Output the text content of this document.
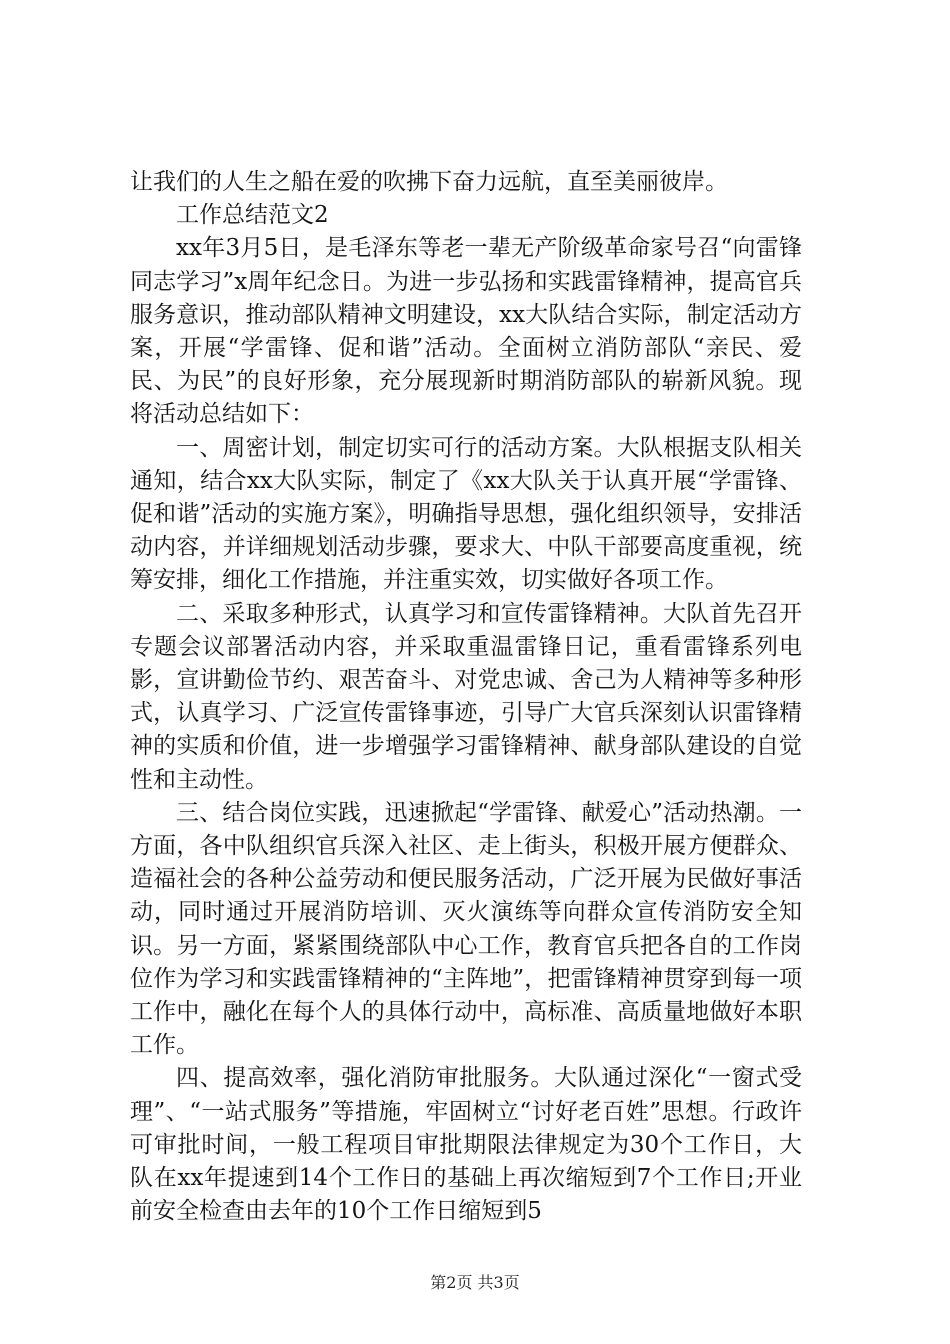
让我们的人生之船在爱的吹拂下奋力远航，直至美丽彼岸。

工作总结范文2

xx年3月5日，是毛泽东等老一辈无产阶级革命家号召“向雷锋同志学习”x周年纪念日。为进一步弘扬和实践雷锋精神，提高官兵服务意识，推动部队精神文明建设，xx大队结合实际，制定活动方案，开展“学雷锋、促和谐”活动。全面树立消防部队“亲民、爱民、为民”的良好形象，充分展现新时期消防部队的崭新风貌。现将活动总结如下：

一、周密计划，制定切实可行的活动方案。大队根据支队相关通知，结合xx大队实际，制定了《xx大队关于认真开展“学雷锋、促和谐”活动的实施方案》，明确指导思想，强化组织领导，安排活动内容，并详细规划活动步骤，要求大、中队干部要高度重视，统筹安排，细化工作措施，并注重实效，切实做好各项工作。

二、采取多种形式，认真学习和宣传雷锋精神。大队首先召开专题会议部署活动内容，并采取重温雷锋日记，重看雷锋系列电影，宣讲勤俭节约、艰苦奋斗、对党忠诚、舍己为人精神等多种形式，认真学习、广泛宣传雷锋事迹，引导广大官兵深刻认识雷锋精神的实质和价值，进一步增强学习雷锋精神、献身部队建设的自觉性和主动性。

三、结合岗位实践，迅速掀起“学雷锋、献爱心”活动热潮。一方面，各中队组织官兵深入社区、走上街头，积极开展方便群众、造福社会的各种公益劳动和便民服务活动，广泛开展为民做好事活动，同时通过开展消防培训、灭火演练等向群众宣传消防安全知识。另一方面，紧紧围绕部队中心工作，教育官兵把各自的工作岗位作为学习和实践雷锋精神的“主阵地”，把雷锋精神贯穿到每一项工作中，融化在每个人的具体行动中，高标准、高质量地做好本职工作。

四、提高效率，强化消防审批服务。大队通过深化“一窗式受理”、“一站式服务”等措施，牢固树立“讨好老百姓”思想。行政许可审批时间，一般工程项目审批期限法律规定为30个工作日，大队在xx年提速到14个工作日的基础上再次缩短到7个工作日;开业前安全检查由去年的10个工作日缩短到5

第2页 共3页
